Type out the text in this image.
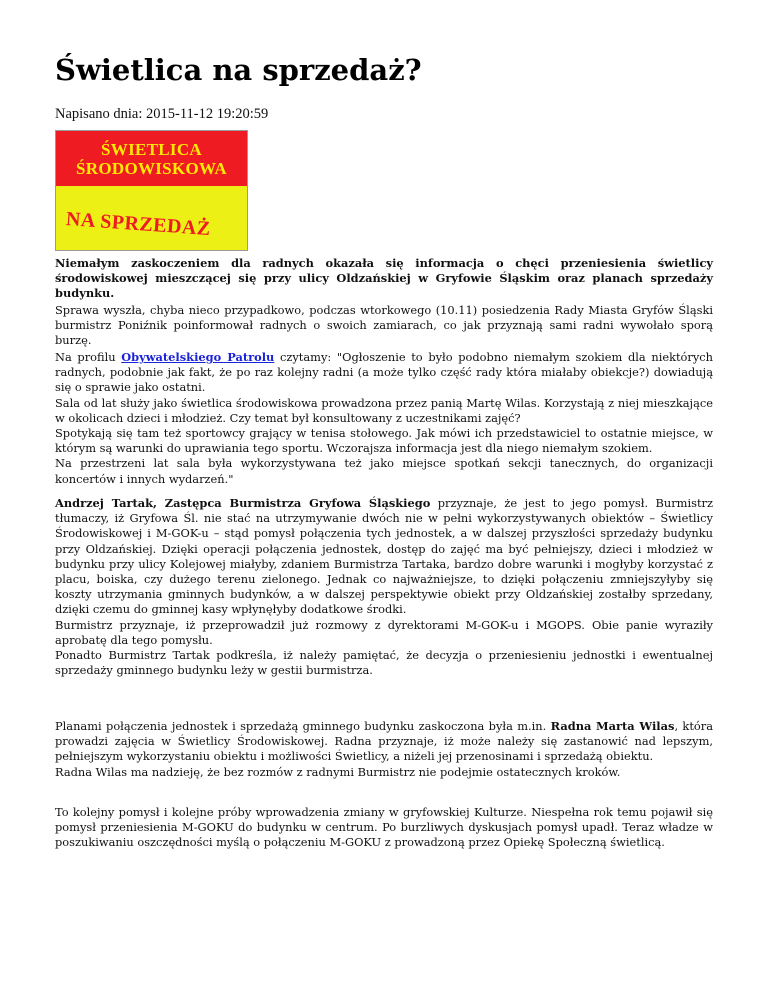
Świetlica na sprzedaż?
Napisano dnia: 2015-11-12 19:20:59
ŚWIETLICA
ŚRODOWISKOWA
NA SPRZEDAŻ
Niemałym zaskoczeniem dla radnych okazała się informacja o chęci przeniesienia świetlicy środowiskowej mieszczącej się przy ulicy Oldzańskiej w Gryfowie Śląskim oraz planach sprzedaży budynku.
Sprawa wyszła, chyba nieco przypadkowo, podczas wtorkowego (10.11) posiedzenia Rady Miasta Gryfów Śląski burmistrz Poniźnik poinformował radnych o swoich zamiarach, co jak przyznają sami radni wywołało sporą burzę.
Na profilu Obywatelskiego Patrolu czytamy: "Ogłoszenie to było podobno niemałym szokiem dla niektórych radnych, podobnie jak fakt, że po raz kolejny radni (a może tylko część rady która miałaby obiekcje?) dowiadują się o sprawie jako ostatni.
Sala od lat służy jako świetlica środowiskowa prowadzona przez panią Martę Wilas. Korzystają z niej mieszkające w okolicach dzieci i młodzież. Czy temat był konsultowany z uczestnikami zajęć?
Spotykają się tam też sportowcy grający w tenisa stołowego. Jak mówi ich przedstawiciel to ostatnie miejsce, w którym są warunki do uprawiania tego sportu. Wczorajsza informacja jest dla niego niemałym szokiem.
Na przestrzeni lat sala była wykorzystywana też jako miejsce spotkań sekcji tanecznych, do organizacji koncertów i innych wydarzeń."
Andrzej Tartak, Zastępca Burmistrza Gryfowa Śląskiego przyznaje, że jest to jego pomysł. Burmistrz tłumaczy, iż Gryfowa Śl. nie stać na utrzymywanie dwóch nie w pełni wykorzystywanych obiektów – Świetlicy Środowiskowej i M-GOK-u – stąd pomysł połączenia tych jednostek, a w dalszej przyszłości sprzedaży budynku przy Oldzańskiej. Dzięki operacji połączenia jednostek, dostęp do zajęć ma być pełniejszy, dzieci i młodzież w budynku przy ulicy Kolejowej miałyby, zdaniem Burmistrza Tartaka, bardzo dobre warunki i mogłyby korzystać z placu, boiska, czy dużego terenu zielonego. Jednak co najważniejsze, to dzięki połączeniu zmniejszyłyby się koszty utrzymania gminnych budynków, a w dalszej perspektywie obiekt przy Oldzańskiej zostałby sprzedany, dzięki czemu do gminnej kasy wpłynęłyby dodatkowe środki.
Burmistrz przyznaje, iż przeprowadził już rozmowy z dyrektorami M-GOK-u i MGOPS. Obie panie wyraziły aprobatę dla tego pomysłu.
Ponadto Burmistrz Tartak podkreśla, iż należy pamiętać, że decyzja o przeniesieniu jednostki i ewentualnej sprzedaży gminnego budynku leży w gestii burmistrza.
Planami połączenia jednostek i sprzedażą gminnego budynku zaskoczona była m.in. Radna Marta Wilas, która prowadzi zajęcia w Świetlicy Środowiskowej. Radna przyznaje, iż może należy się zastanowić nad lepszym, pełniejszym wykorzystaniu obiektu i możliwości Świetlicy, a niżeli jej przenosinami i sprzedażą obiektu.
Radna Wilas ma nadzieję, że bez rozmów z radnymi Burmistrz nie podejmie ostatecznych kroków.
To kolejny pomysł i kolejne próby wprowadzenia zmiany w gryfowskiej Kulturze. Niespełna rok temu pojawił się pomysł przeniesienia M-GOKU do budynku w centrum. Po burzliwych dyskusjach pomysł upadł. Teraz władze w poszukiwaniu oszczędności myślą o połączeniu M-GOKU z prowadzoną przez Opiekę Społeczną świetlicą.
